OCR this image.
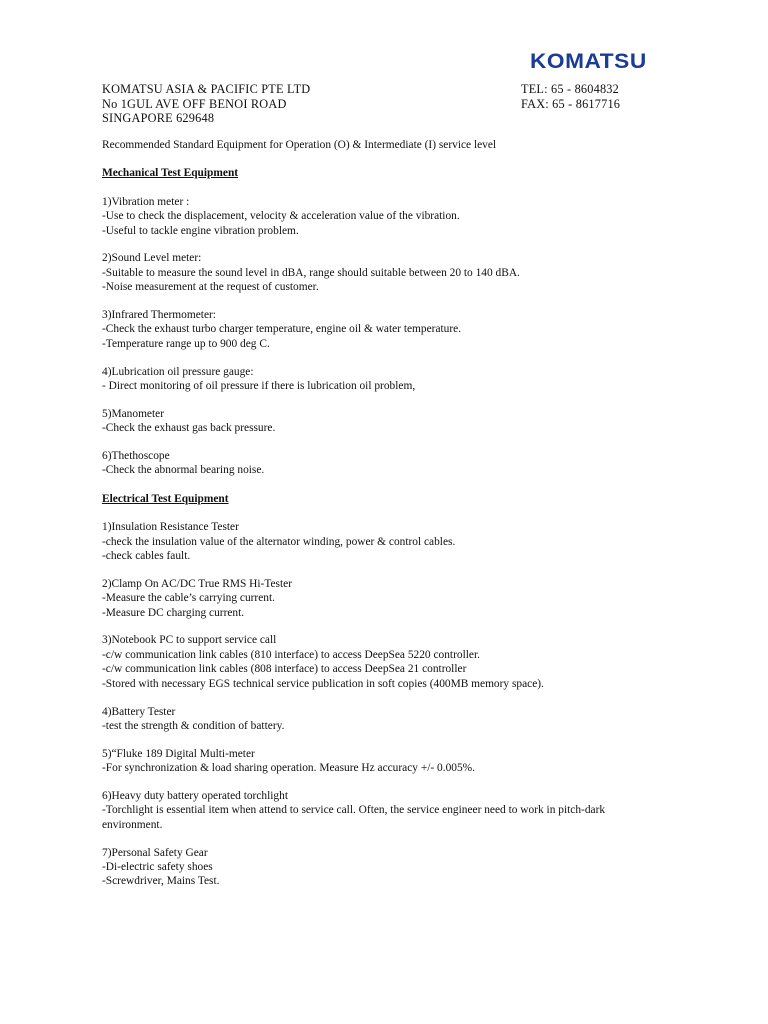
KOMATSU
KOMATSU ASIA & PACIFIC PTE LTD
No 1GUL AVE OFF BENOI ROAD
SINGAPORE 629648
TEL: 65 - 8604832
FAX: 65 - 8617716
Recommended Standard Equipment for Operation (O) & Intermediate (I) service level
Mechanical Test Equipment
1)Vibration meter :
-Use to check the displacement, velocity & acceleration value of the vibration.
-Useful to tackle engine vibration problem.
2)Sound Level meter:
-Suitable to measure the sound level in dBA, range should suitable between 20 to 140 dBA.
-Noise measurement at the request of customer.
3)Infrared Thermometer:
-Check the exhaust turbo charger temperature, engine oil & water temperature.
-Temperature range up to 900 deg C.
4)Lubrication oil pressure gauge:
- Direct monitoring of oil pressure if there is lubrication oil problem,
5)Manometer
-Check the exhaust gas back pressure.
6)Thethoscope
-Check the abnormal bearing noise.
Electrical Test Equipment
1)Insulation Resistance Tester
-check the insulation value of the alternator winding, power & control cables.
-check cables fault.
2)Clamp On AC/DC True RMS Hi-Tester
-Measure the cable’s carrying current.
-Measure DC charging current.
3)Notebook PC to support service call
-c/w communication link cables (810 interface) to access DeepSea 5220 controller.
-c/w communication link cables (808 interface) to access DeepSea 21 controller
-Stored with necessary EGS technical service publication in soft copies (400MB memory space).
4)Battery Tester
-test the strength & condition of battery.
5)“Fluke 189 Digital Multi-meter
-For synchronization & load sharing operation. Measure Hz accuracy +/- 0.005%.
6)Heavy duty battery operated torchlight
-Torchlight is essential item when attend to service call. Often, the service engineer need to work in pitch-dark environment.
7)Personal Safety Gear
-Di-electric safety shoes
-Screwdriver, Mains Test.
